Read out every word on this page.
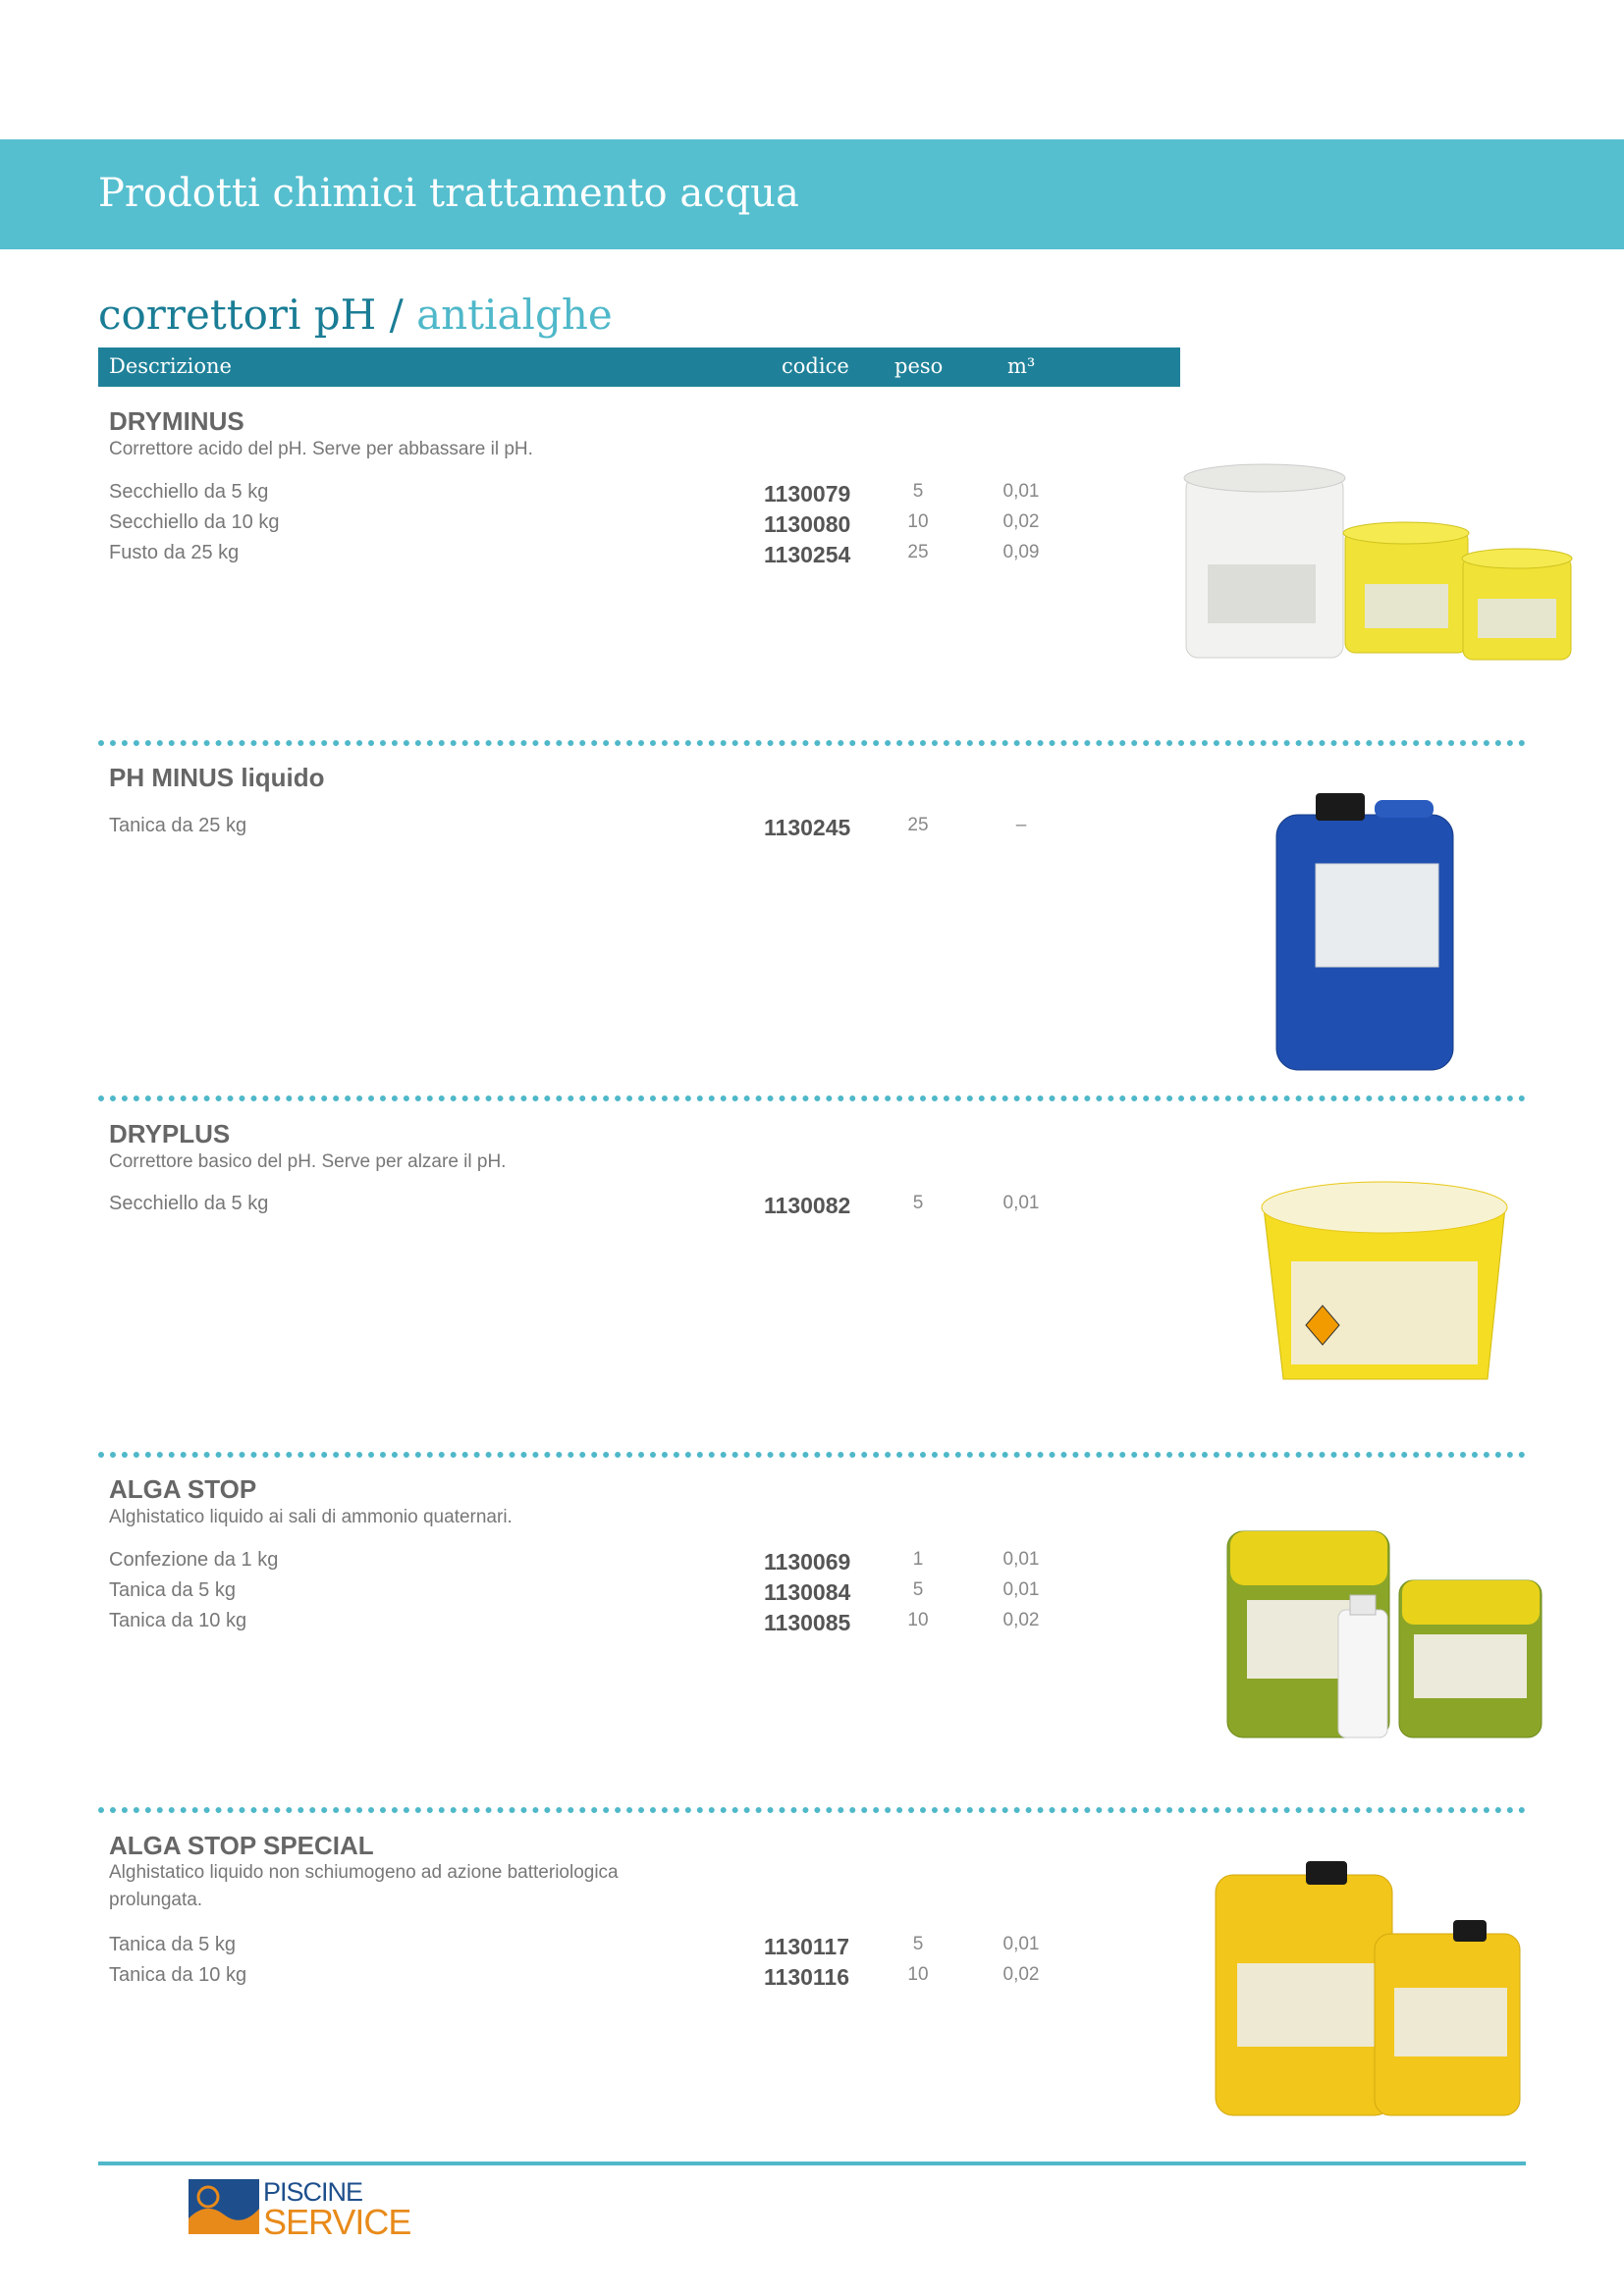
Prodotti chimici trattamento acqua
correttori pH / antialghe
Descrizione	codice peso	m³
DRYMINUS
Correttore acido del pH. Serve per abbassare il pH.
Secchiello da 5 kg	1130079	5	0,01
Secchiello da 10 kg	1130080	10	0,02
Fusto da 25 kg	1130254	25	0,09
PH MINUS liquido
Tanica da 25 kg	1130245	25	–
DRYPLUS
Correttore basico del pH. Serve per alzare il pH.
Secchiello da 5 kg	1130082	5	0,01
ALGA STOP
Alghistatico liquido ai sali di ammonio quaternari.
Confezione da 1 kg	1130069	1	0,01
Tanica da 5 kg	1130084	5	0,01
Tanica da 10 kg	1130085	10	0,02
ALGA STOP SPECIAL
Alghistatico liquido non schiumogeno ad azione batteriologica prolungata.
Tanica da 5 kg	1130117	5	0,01
Tanica da 10 kg	1130116	10	0,02
PISCINE
SERVICE
